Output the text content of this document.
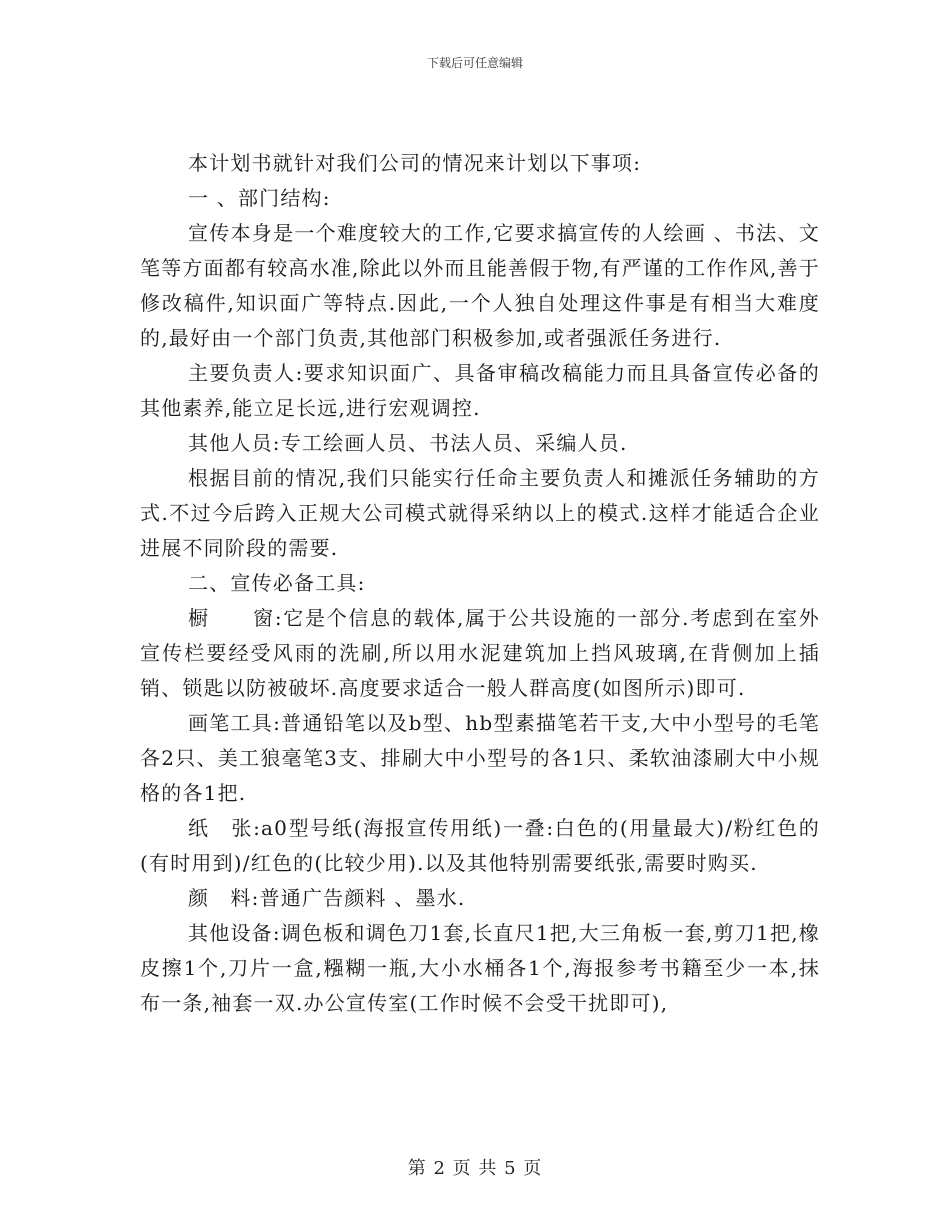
下载后可任意编辑

本计划书就针对我们公司的情况来计划以下事项:

一 、部门结构:

宣传本身是一个难度较大的工作,它要求搞宣传的人绘画 、书法、文笔等方面都有较高水准,除此以外而且能善假于物,有严谨的工作作风,善于修改稿件,知识面广等特点.因此,一个人独自处理这件事是有相当大难度的,最好由一个部门负责,其他部门积极参加,或者强派任务进行.

主要负责人:要求知识面广、具备审稿改稿能力而且具备宣传必备的其他素养,能立足长远,进行宏观调控.

其他人员:专工绘画人员、书法人员、采编人员.

根据目前的情况,我们只能实行任命主要负责人和摊派任务辅助的方式.不过今后跨入正规大公司模式就得采纳以上的模式.这样才能适合企业进展不同阶段的需要.

二、宣传必备工具:

橱　　窗:它是个信息的载体,属于公共设施的一部分.考虑到在室外宣传栏要经受风雨的洗刷,所以用水泥建筑加上挡风玻璃,在背侧加上插销、锁匙以防被破坏.高度要求适合一般人群高度(如图所示)即可.

画笔工具:普通铅笔以及b型、hb型素描笔若干支,大中小型号的毛笔各2只、美工狼毫笔3支、排刷大中小型号的各1只、柔软油漆刷大中小规格的各1把.

纸　张:a0型号纸(海报宣传用纸)一叠:白色的(用量最大)/粉红色的(有时用到)/红色的(比较少用).以及其他特别需要纸张,需要时购买.

颜　料:普通广告颜料 、墨水.

其他设备:调色板和调色刀1套,长直尺1把,大三角板一套,剪刀1把,橡皮擦1个,刀片一盒,糨糊一瓶,大小水桶各1个,海报参考书籍至少一本,抹布一条,袖套一双.办公宣传室(工作时候不会受干扰即可),

第 2 页 共 5 页
